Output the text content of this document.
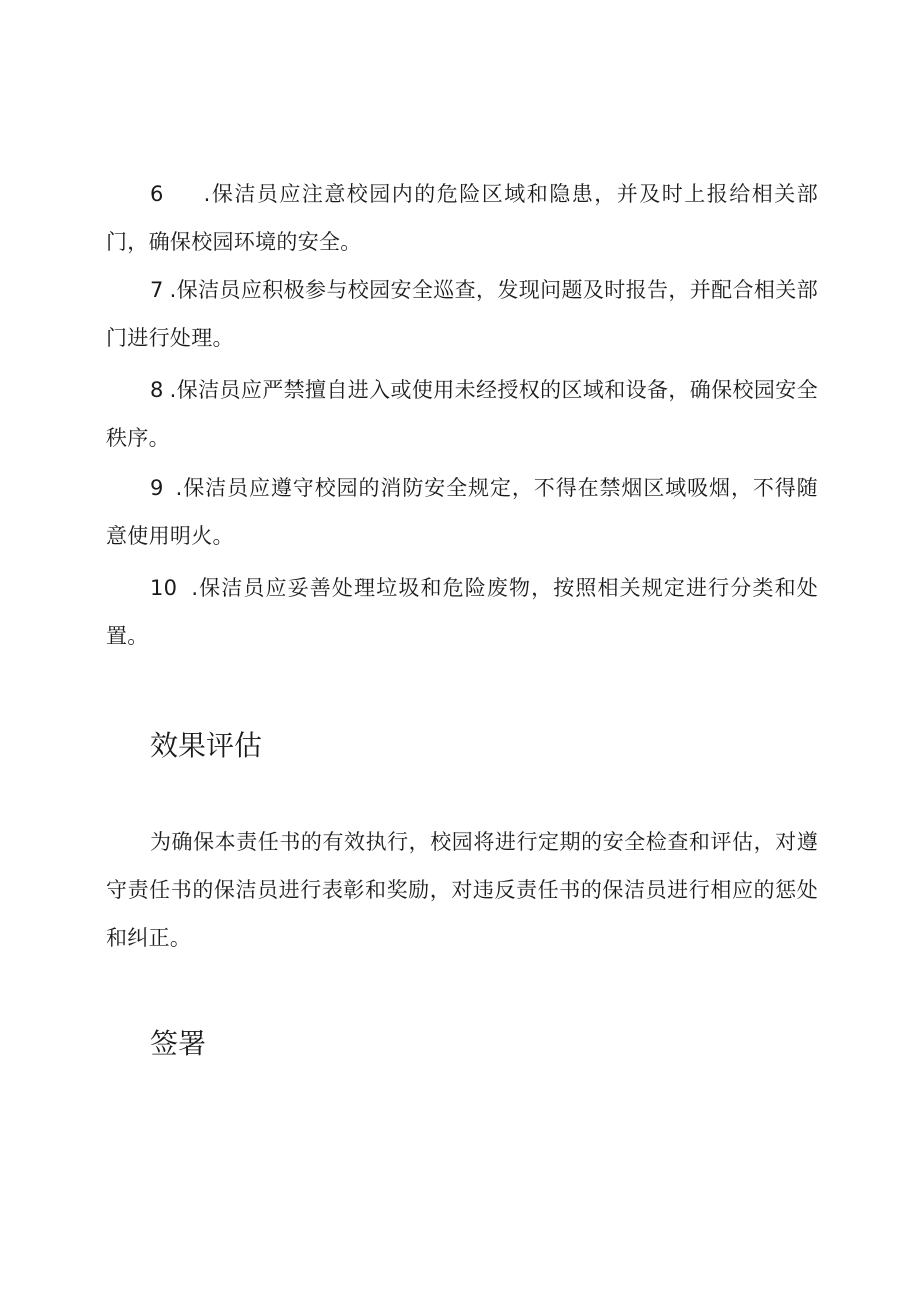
6 .保洁员应注意校园内的危险区域和隐患，并及时上报给相关部门，确保校园环境的安全。

7 .保洁员应积极参与校园安全巡查，发现问题及时报告，并配合相关部门进行处理。

8 .保洁员应严禁擅自进入或使用未经授权的区域和设备，确保校园安全秩序。

9 .保洁员应遵守校园的消防安全规定，不得在禁烟区域吸烟，不得随意使用明火。

10 .保洁员应妥善处理垃圾和危险废物，按照相关规定进行分类和处置。

效果评估

为确保本责任书的有效执行，校园将进行定期的安全检查和评估，对遵守责任书的保洁员进行表彰和奖励，对违反责任书的保洁员进行相应的惩处和纠正。

签署
